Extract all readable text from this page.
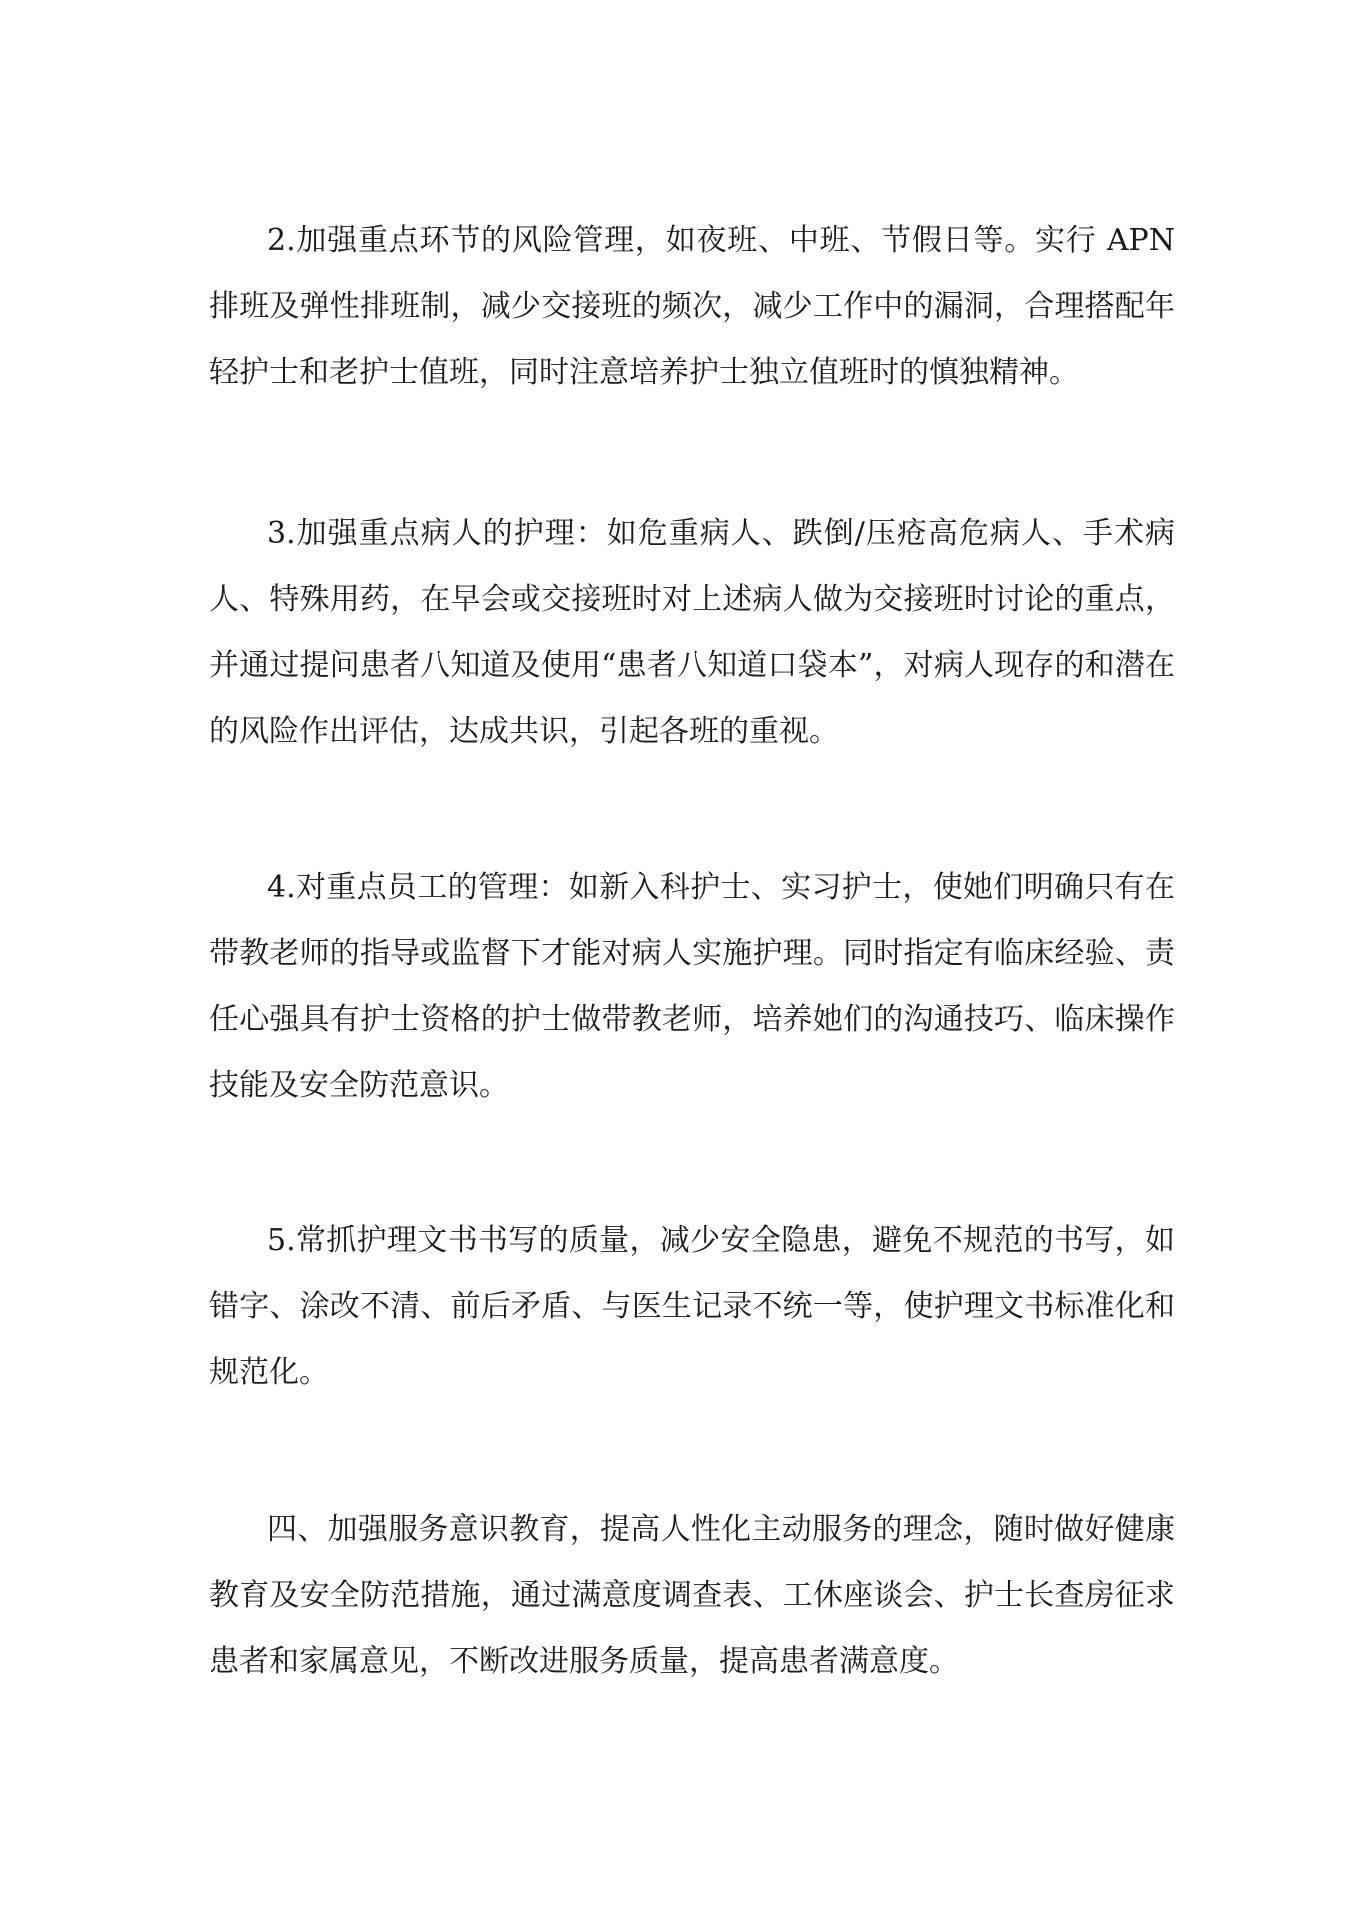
2.加强重点环节的风险管理，如夜班、中班、节假日等。实行 APN 排班及弹性排班制，减少交接班的频次，减少工作中的漏洞，合理搭配年轻护士和老护士值班，同时注意培养护士独立值班时的慎独精神。

3.加强重点病人的护理：如危重病人、跌倒/压疮高危病人、手术病人、特殊用药，在早会或交接班时对上述病人做为交接班时讨论的重点，并通过提问患者八知道及使用“患者八知道口袋本”，对病人现存的和潜在的风险作出评估，达成共识，引起各班的重视。

4.对重点员工的管理：如新入科护士、实习护士，使她们明确只有在带教老师的指导或监督下才能对病人实施护理。同时指定有临床经验、责任心强具有护士资格的护士做带教老师，培养她们的沟通技巧、临床操作技能及安全防范意识。

5.常抓护理文书书写的质量，减少安全隐患，避免不规范的书写，如错字、涂改不清、前后矛盾、与医生记录不统一等，使护理文书标准化和规范化。

四、加强服务意识教育，提高人性化主动服务的理念，随时做好健康教育及安全防范措施，通过满意度调查表、工休座谈会、护士长查房征求患者和家属意见，不断改进服务质量，提高患者满意度。
